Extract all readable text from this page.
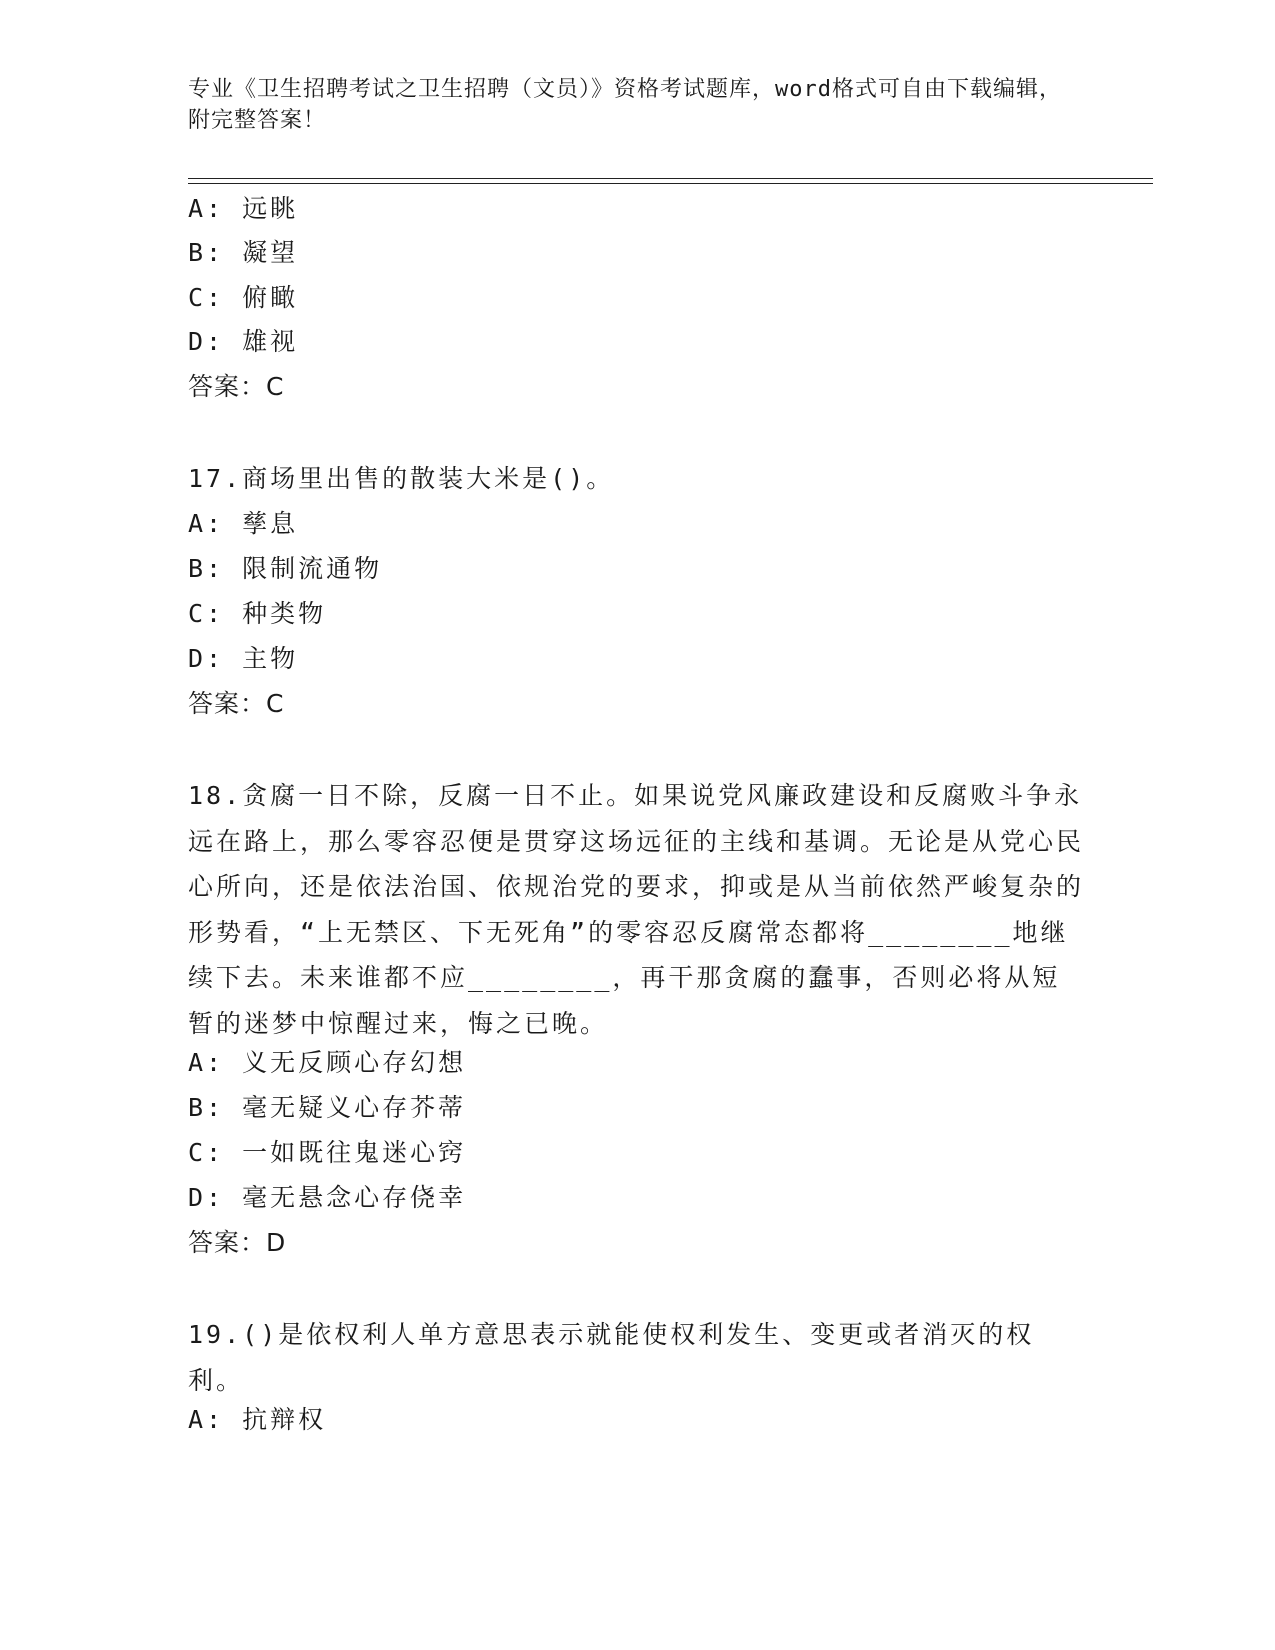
专业《卫生招聘考试之卫生招聘（文员）》资格考试题库，word格式可自由下载编辑，附完整答案！
A: 远眺
B: 凝望
C: 俯瞰
D: 雄视
答案：C
17.商场里出售的散装大米是()。
A: 孳息
B: 限制流通物
C: 种类物
D: 主物
答案：C
18.贪腐一日不除，反腐一日不止。如果说党风廉政建设和反腐败斗争永远在路上，那么零容忍便是贯穿这场远征的主线和基调。无论是从党心民心所向，还是依法治国、依规治党的要求，抑或是从当前依然严峻复杂的形势看，“上无禁区、下无死角”的零容忍反腐常态都将________地继续下去。未来谁都不应________，再干那贪腐的蠢事，否则必将从短暂的迷梦中惊醒过来，悔之已晚。
A: 义无反顾心存幻想
B: 毫无疑义心存芥蒂
C: 一如既往鬼迷心窍
D: 毫无悬念心存侥幸
答案：D
19.()是依权利人单方意思表示就能使权利发生、变更或者消灭的权利。
A: 抗辩权
